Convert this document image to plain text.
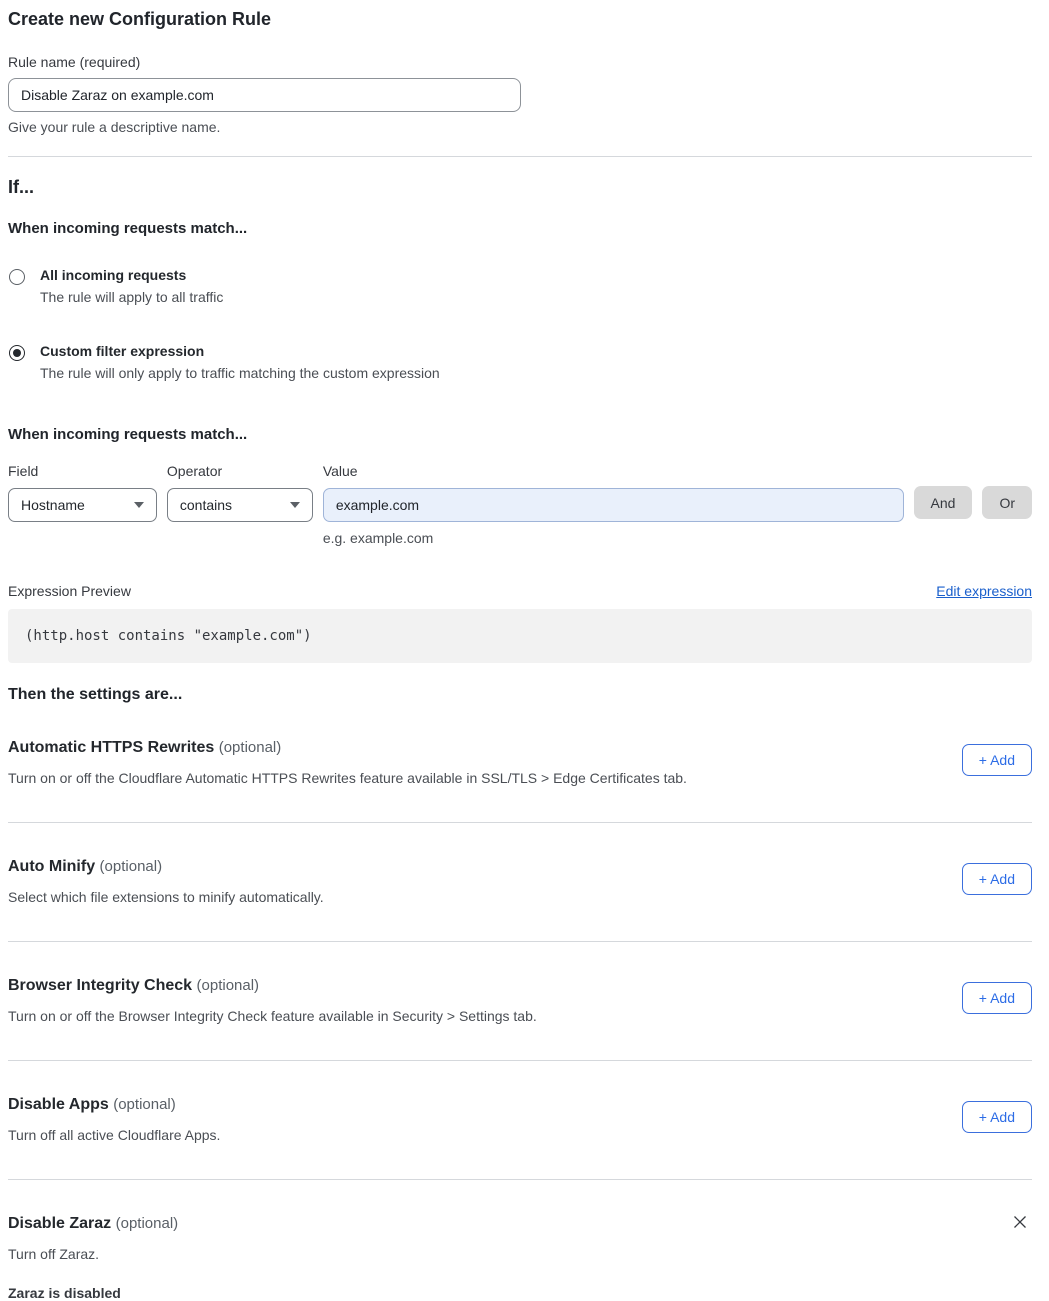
Create new Configuration Rule
Rule name (required)
Disable Zaraz on example.com
Give your rule a descriptive name.
If...
When incoming requests match...
All incoming requests
The rule will apply to all traffic
Custom filter expression
The rule will only apply to traffic matching the custom expression
When incoming requests match...
Field
Hostname
Operator
contains
Value
example.com
e.g. example.com
And	Or
Expression Preview	Edit expression
(http.host contains "example.com")
Then the settings are...
Automatic HTTPS Rewrites (optional)
Turn on or off the Cloudflare Automatic HTTPS Rewrites feature available in SSL/TLS > Edge Certificates tab.
+ Add
Auto Minify (optional)
Select which file extensions to minify automatically.
+ Add
Browser Integrity Check (optional)
Turn on or off the Browser Integrity Check feature available in Security > Settings tab.
+ Add
Disable Apps (optional)
Turn off all active Cloudflare Apps.
+ Add
Disable Zaraz (optional)
Turn off Zaraz.
Zaraz is disabled
